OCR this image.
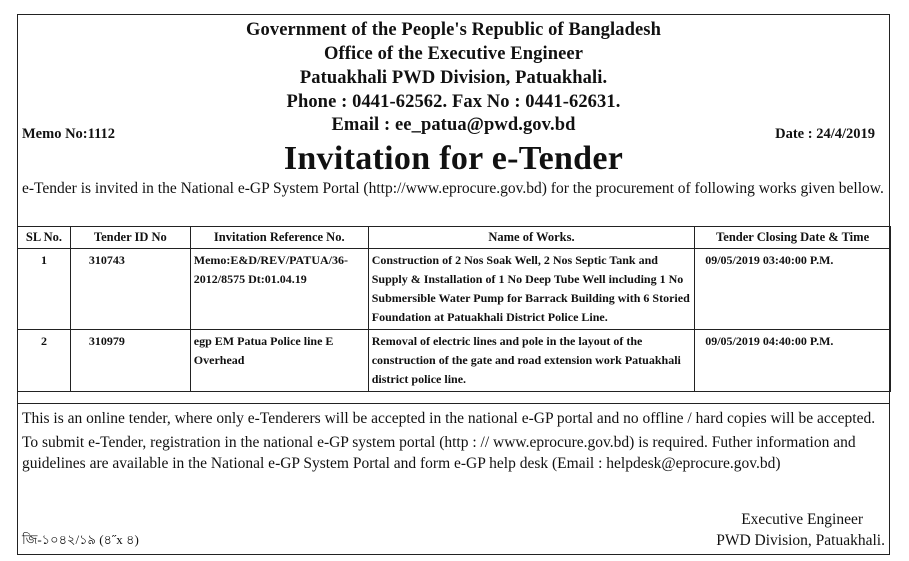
Government of the People's Republic of Bangladesh
Office of the Executive Engineer
Patuakhali PWD Division, Patuakhali.
Phone : 0441-62562. Fax No : 0441-62631.
Email : ee_patua@pwd.gov.bd
Memo No:1112	Date : 24/4/2019
Invitation for e-Tender
e-Tender is invited in the National e-GP System Portal (http://www.eprocure.gov.bd) for the procurement of following works given bellow.
SL No.	Tender ID No	Invitation Reference No.	Name of Works.	Tender Closing Date & Time
1	310743	Memo:E&D/REV/PATUA/36-2012/8575 Dt:01.04.19	Construction of 2 Nos Soak Well, 2 Nos Septic Tank and Supply & Installation of 1 No Deep Tube Well including 1 No Submersible Water Pump for Barrack Building with 6 Storied Foundation at Patuakhali District Police Line.	09/05/2019 03:40:00 P.M.
2	310979	egp EM Patua Police line E Overhead	Removal of electric lines and pole in the layout of the construction of the gate and road extension work Patuakhali district police line.	09/05/2019 04:40:00 P.M.

This is an online tender, where only e-Tenderers will be accepted in the national e-GP portal and no offline / hard copies will be accepted.

To submit e-Tender, registration in the national e-GP system portal (http : // www.eprocure.gov.bd) is required. Futher information and guidelines are available in the National e-GP System Portal and form e-GP help desk (Email : helpdesk@eprocure.gov.bd)

Executive Engineer
PWD Division, Patuakhali.
জি-১০৪২/১৯ (৪˝x ৪)
